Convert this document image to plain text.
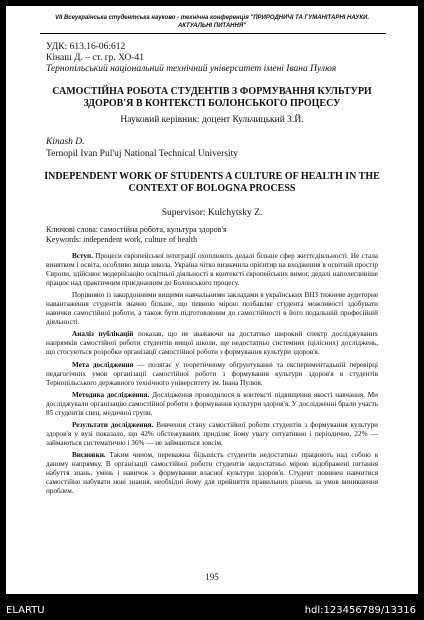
VII Всеукраїнська студентська науково - технічна конференція "ПРИРОДНИЧІ ТА ГУМАНІТАРНІ НАУКИ. АКТУАЛЬНІ ПИТАННЯ"
УДК: 613.16-06:612
Кінаш Д. – ст. гр. ХО-41
Тернопільський національний технічний університет імені Івана Пулюя
САМОСТІЙНА РОБОТА СТУДЕНТІВ З ФОРМУВАННЯ КУЛЬТУРИ ЗДОРОВ'Я В КОНТЕКСТІ БОЛОНСЬКОГО ПРОЦЕСУ
Науковий керівник: доцент Кульчицький З.Й.
Kinash D.
Ternopil Ivan Pul'uj National Technical University
INDEPENDENT WORK OF STUDENTS A CULTURE OF HEALTH IN THE CONTEXT OF BOLOGNA PROCESS
Supervisor: Kulchytsky Z.
Ключові слова: самостійна робота, культура здоров'я
Keywords: independent work, culture of health

Вступ. Процеси європейської інтеграції охоплюють дедалі більше сфер життєдіяльності. Не стала винятком і освіта, особливо вища школа. Україна чітко визначила орієнтир на входження в освітній простір Європи, здійснює модернізацію освітньої діяльності в контексті європейських вимог, дедалі наполегливіше працює над практичним приєднанням до Болонського процесу.

Порівняно із закордонними вищими навчальними закладами в українських ВНЗ тижневе аудиторне навантаження студентів значно більше, що певною мірою позбавляє студента можливості здобувати навички самостійної роботи, а також бути підготовленим до самостійності в його подальшій професійній діяльності.

Аналіз публікацій показав, що не зважаючи на достатньо широкий спектр досліджуваних напрямків самостійної роботи студентів вищої школи, ще недостатньо системних (цілісних) досліджень, що стосуються розробки організації самостійної роботи з формування культури здоров'я.

Мета дослідження — полягає у теоретичному обґрунтуванні та експериментальній перевірці педагогічних умов організації самостійної роботи з формування культури здоров'я в студентів Тернопільського державного технічного університету ім. Івана Пулюя.

Методика дослідження. Дослідження проводилося в контексті підвищення якості навчання. Ми досліджували організацію самостійної роботи з формування культури здоров'я. У дослідженні брали участь 85 студентів спец. медичної групи.

Результати дослідження. Вивчення стану самостійної роботи студентів з формування культури здоров'я у вузі показало, що 42% обстежуваних приділяє йому увагу ситуативно і періодично, 22% — займаються систематично і 36% — не займаються зовсім.

Висновки. Таким чином, переважна більшість студентів недостатньо працюють над собою в даному напрямку. В організації самостійної роботи студентів недостатньо мірою відображені питання набуття знань, умінь і навичок з формування власної культури здоров'я. Студент повинен навчитися самостійно набувати нові знання, необхідні йому для прийняття правильних рішень за умов виникнення проблем.

195
ELARTU	hdl:123456789/13316
